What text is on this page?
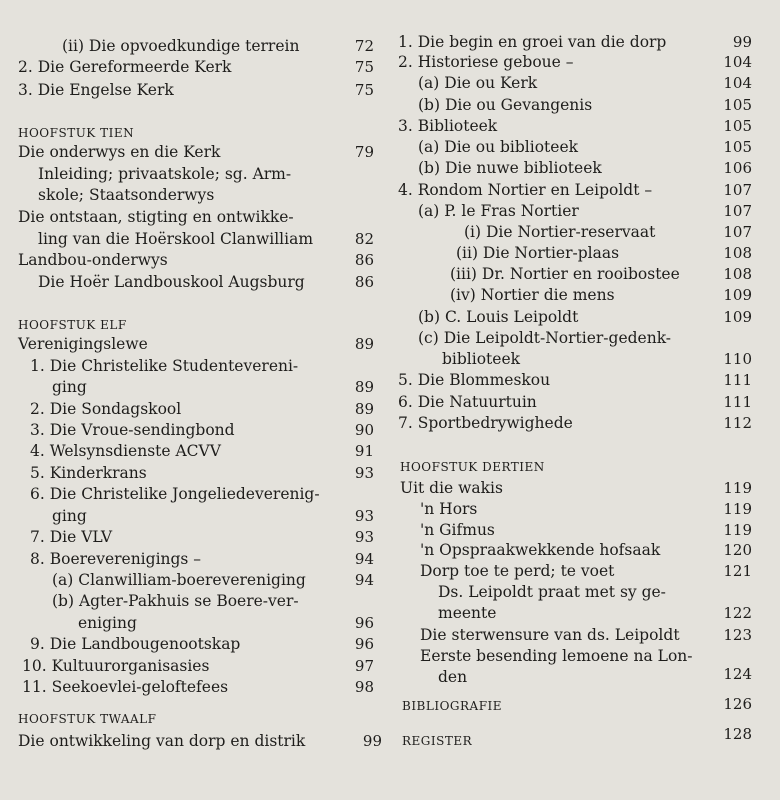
(ii) Die opvoedkundige terrein	72
2. Die Gereformeerde Kerk	75
3. Die Engelse Kerk	75
HOOFSTUK TIEN
Die onderwys en die Kerk	79
Inleiding; privaatskole; sg. Arm-
skole; Staatsonderwys
Die ontstaan, stigting en ontwikke-
ling van die Hoërskool Clanwilliam	82
Landbou-onderwys	86
Die Hoër Landbouskool Augsburg	86
HOOFSTUK ELF
Verenigingslewe	89
1. Die Christelike Studentevereni-
ging	89
2. Die Sondagskool	89
3. Die Vroue-sendingbond	90
4. Welsynsdienste ACVV	91
5. Kinderkrans	93
6. Die Christelike Jongeliedeverenig-
ging	93
7. Die VLV	93
8. Boereverenigings –	94
(a) Clanwilliam-boerevereniging	94
(b) Agter-Pakhuis se Boere-ver-
eniging	96
9. Die Landbougenootskap	96
10. Kultuurorganisasies	97
11. Seekoevlei-geloftefees	98
HOOFSTUK TWAALF
Die ontwikkeling van dorp en distrik	99
1. Die begin en groei van die dorp	99
2. Historiese geboue –	104
(a) Die ou Kerk	104
(b) Die ou Gevangenis	105
3. Biblioteek	105
(a) Die ou biblioteek	105
(b) Die nuwe biblioteek	106
4. Rondom Nortier en Leipoldt –	107
(a) P. le Fras Nortier	107
(i) Die Nortier-reservaat	107
(ii) Die Nortier-plaas	108
(iii) Dr. Nortier en rooibostee	108
(iv) Nortier die mens	109
(b) C. Louis Leipoldt	109
(c) Die Leipoldt-Nortier-gedenk-
biblioteek	110
5. Die Blommeskou	111
6. Die Natuurtuin	111
7. Sportbedrywighede	112
HOOFSTUK DERTIEN
Uit die wakis	119
'n Hors	119
'n Gifmus	119
'n Opspraakwekkende hofsaak	120
Dorp toe te perd; te voet	121
Ds. Leipoldt praat met sy ge-
meente	122
Die sterwensure van ds. Leipoldt	123
Eerste besending lemoene na Lon-
den	124
BIBLIOGRAFIE	126
REGISTER	128
